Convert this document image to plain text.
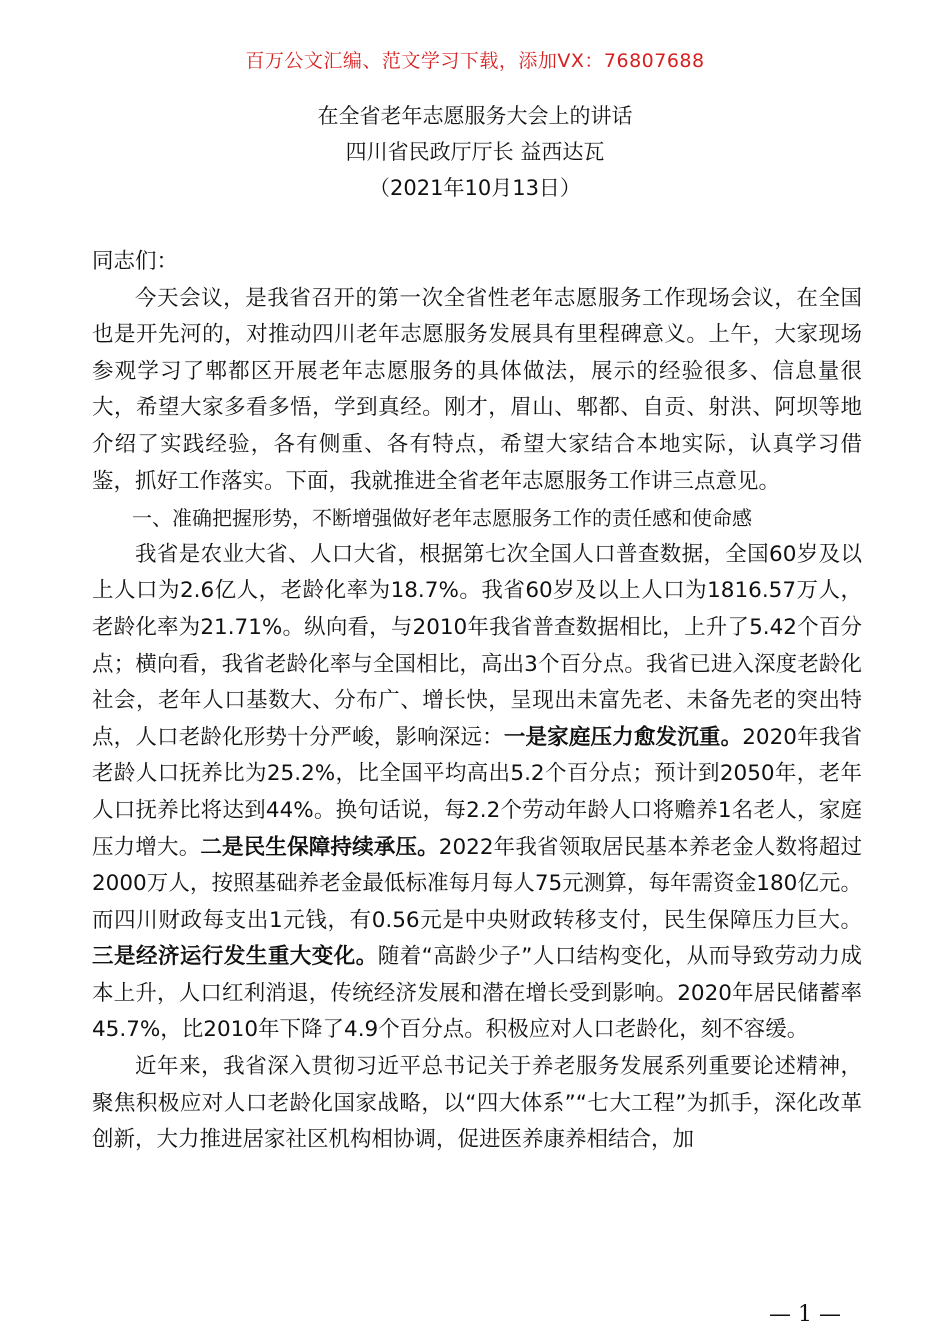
百万公文汇编、范文学习下载，添加VX：76807688
在全省老年志愿服务大会上的讲话
四川省民政厅厅长 益西达瓦
（2021年10月13日）

同志们：

今天会议，是我省召开的第一次全省性老年志愿服务工作现场会议，在全国也是开先河的，对推动四川老年志愿服务发展具有里程碑意义。上午，大家现场参观学习了郫都区开展老年志愿服务的具体做法，展示的经验很多、信息量很大，希望大家多看多悟，学到真经。刚才，眉山、郫都、自贡、射洪、阿坝等地介绍了实践经验，各有侧重、各有特点，希望大家结合本地实际，认真学习借鉴，抓好工作落实。下面，我就推进全省老年志愿服务工作讲三点意见。

一、准确把握形势，不断增强做好老年志愿服务工作的责任感和使命感

我省是农业大省、人口大省，根据第七次全国人口普查数据，全国60岁及以上人口为2.6亿人，老龄化率为18.7%。我省60岁及以上人口为1816.57万人，老龄化率为21.71%。纵向看，与2010年我省普查数据相比，上升了5.42个百分点；横向看，我省老龄化率与全国相比，高出3个百分点。我省已进入深度老龄化社会，老年人口基数大、分布广、增长快，呈现出未富先老、未备先老的突出特点，人口老龄化形势十分严峻，影响深远：一是家庭压力愈发沉重。2020年我省老龄人口抚养比为25.2%，比全国平均高出5.2个百分点；预计到2050年，老年人口抚养比将达到44%。换句话说，每2.2个劳动年龄人口将赡养1名老人，家庭压力增大。二是民生保障持续承压。2022年我省领取居民基本养老金人数将超过2000万人，按照基础养老金最低标准每月每人75元测算，每年需资金180亿元。而四川财政每支出1元钱，有0.56元是中央财政转移支付，民生保障压力巨大。三是经济运行发生重大变化。随着“高龄少子”人口结构变化，从而导致劳动力成本上升，人口红利消退，传统经济发展和潜在增长受到影响。2020年居民储蓄率45.7%，比2010年下降了4.9个百分点。积极应对人口老龄化，刻不容缓。

近年来，我省深入贯彻习近平总书记关于养老服务发展系列重要论述精神，聚焦积极应对人口老龄化国家战略，以“四大体系”“七大工程”为抓手，深化改革创新，大力推进居家社区机构相协调，促进医养康养相结合，加

— 1 —
